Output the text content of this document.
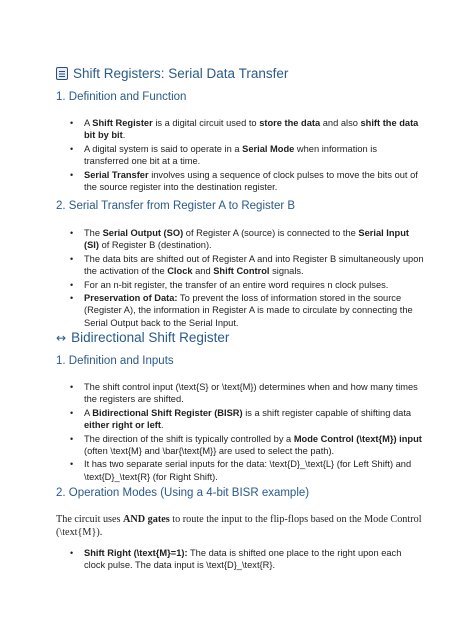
Shift Registers: Serial Data Transfer
1. Definition and Function
• A Shift Register is a digital circuit used to store the data and also shift the data bit by bit.
• A digital system is said to operate in a Serial Mode when information is transferred one bit at a time.
• Serial Transfer involves using a sequence of clock pulses to move the bits out of the source register into the destination register.
2. Serial Transfer from Register A to Register B
• The Serial Output (SO) of Register A (source) is connected to the Serial Input (SI) of Register B (destination).
• The data bits are shifted out of Register A and into Register B simultaneously upon the activation of the Clock and Shift Control signals.
• For an n-bit register, the transfer of an entire word requires n clock pulses.
• Preservation of Data: To prevent the loss of information stored in the source (Register A), the information in Register A is made to circulate by connecting the Serial Output back to the Serial Input.
↔ Bidirectional Shift Register
1. Definition and Inputs
• The shift control input (\text{S} or \text{M}) determines when and how many times the registers are shifted.
• A Bidirectional Shift Register (BISR) is a shift register capable of shifting data either right or left.
• The direction of the shift is typically controlled by a Mode Control (\text{M}) input (often \text{M} and \bar{\text{M}} are used to select the path).
• It has two separate serial inputs for the data: \text{D}_\text{L} (for Left Shift) and \text{D}_\text{R} (for Right Shift).
2. Operation Modes (Using a 4-bit BISR example)
The circuit uses AND gates to route the input to the flip-flops based on the Mode Control (\text{M}).
• Shift Right (\text{M}=1): The data is shifted one place to the right upon each clock pulse. The data input is \text{D}_\text{R}.
